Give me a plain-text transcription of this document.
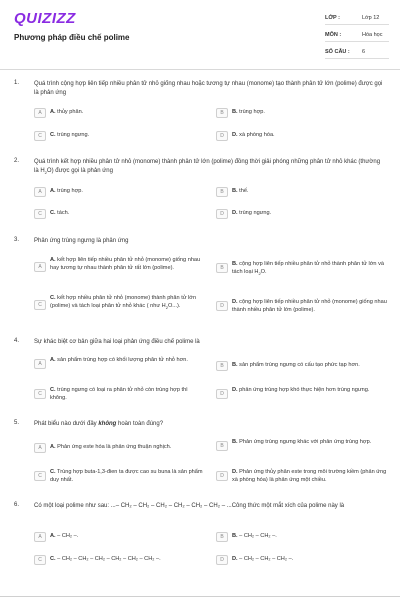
QUIZIZZ
Phương pháp điều chế polime
LỚP :	Lớp 12
MÔN :	Hóa học
SỐ CÂU : 6
1. Quá trình cộng hợp liên tiếp nhiều phân tử nhỏ giống nhau hoặc tương tự nhau (monome) tạo thành phân tử lớn (polime) được gọi là phản ứng
A	A. thủy phân.	B	B. trùng hợp.
C	C. trùng ngưng.	D	D. xà phòng hóa.
2. Quá trình kết hợp nhiều phân tử nhỏ (monome) thành phân tử lớn (polime) đồng thời giải phóng những phân tử nhỏ khác (thường là $H_2O$) được gọi là phản ứng
A	A. trùng hợp.	B	B. thế.
C	C. tách.	D	D. trùng ngưng.
3. Phản ứng trùng ngưng là phản ứng
A
A. kết hợp liên tiếp nhiều phân tử nhỏ (monome) giống nhau hay tương tự nhau thành phân tử rất lớn (polime).	B
B. cộng hợp liên tiếp nhiều phân tử nhỏ thành phân tử lớn và tách loại $H_2O$.
C
C. kết hợp nhiều phân tử nhỏ (monome) thành phân tử lớn (polime) và tách loại phân tử nhỏ khác ( như $H_2O$...).	D
D. cộng hợp liên tiếp nhiều phân tử nhỏ (monome) giống nhau thành nhiều phân tử lớn (polime).
4. Sự khác biệt cơ bản giữa hai loại phản ứng điều chế polime là
A
A. sản phẩm trùng hợp có khối lượng phân tử nhỏ hơn.
B	B. sản phẩm trùng ngưng có cấu tạo phức tạp hơn.
C
C. trùng ngưng có loại ra phân tử nhỏ còn trùng hợp thì không.
D
D. phản ứng trùng hợp khó thực hiện hơn trùng ngưng.
5. Phát biểu nào dưới đây không hoàn toàn đúng?
A	A. Phản ứng este hóa là phản ứng thuận nghịch.	B
B. Phản ứng trùng ngưng khác với phản ứng trùng hợp.
C
C. Trùng hợp buta-1,3-đien ta được cao su buna là sản phẩm duy nhất.
D
D. Phản ứng thủy phân este trong môi trường kiềm (phản ứng xà phòng hóa) là phản ứng một chiều.
6. Có một loại polime như sau: ...– CH₂ – CH₂ – CH₂ – CH₂ – CH₂ – CH₂ – ...Công thức một mắt xích của polime này là
A	A. – CH₂ –.	B	B. – CH₂ – CH₂ –.
C	C. – CH₂ – CH₂ – CH₂ – CH₂ – CH₂ – CH₂ –.	D	D. – CH₂ – CH₂ – CH₂ –.
